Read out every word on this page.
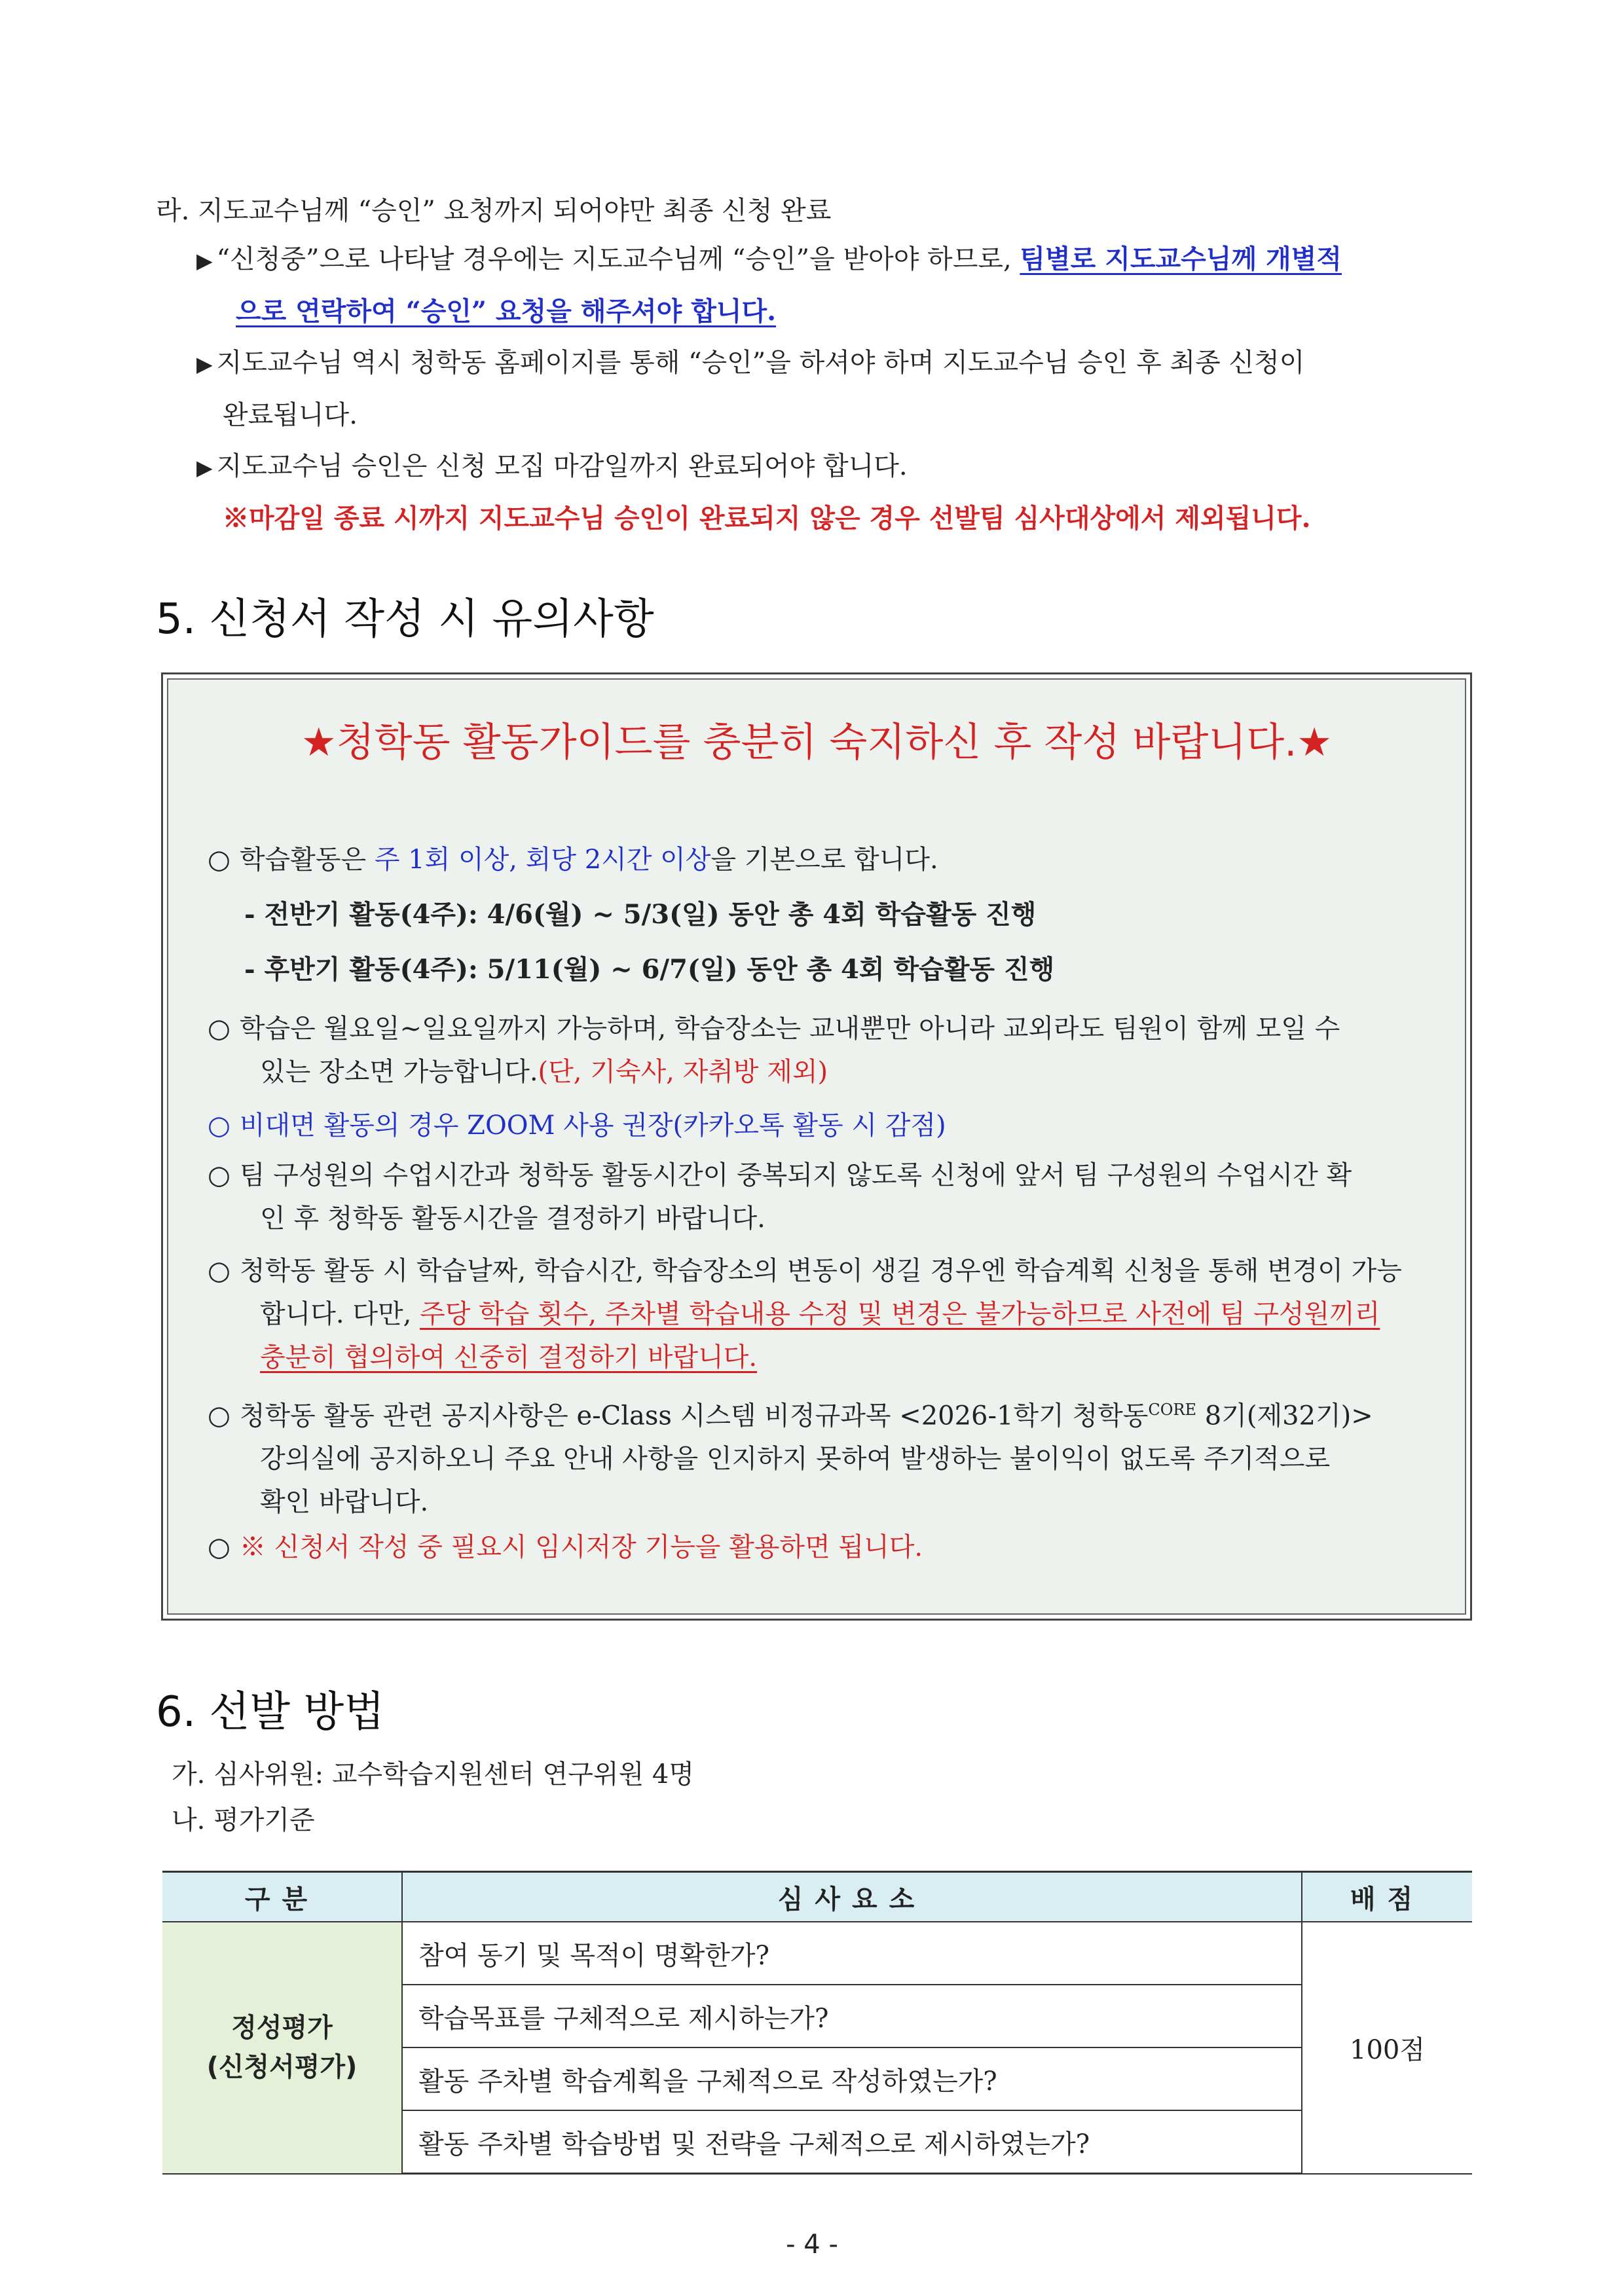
라. 지도교수님께 “승인” 요청까지 되어야만 최종 신청 완료
▶ “신청중”으로 나타날 경우에는 지도교수님께 “승인”을 받아야 하므로, 팀별로 지도교수님께 개별적
으로 연락하여 “승인” 요청을 해주셔야 합니다.
▶ 지도교수님 역시 청학동 홈페이지를 통해 “승인”을 하셔야 하며 지도교수님 승인 후 최종 신청이
완료됩니다.
▶ 지도교수님 승인은 신청 모집 마감일까지 완료되어야 합니다.
※마감일 종료 시까지 지도교수님 승인이 완료되지 않은 경우 선발팀 심사대상에서 제외됩니다.
5. 신청서 작성 시 유의사항
★청학동 활동가이드를 충분히 숙지하신 후 작성 바랍니다.★
○ 학습활동은 주 1회 이상, 회당 2시간 이상을 기본으로 합니다.
- 전반기 활동(4주): 4/6(월) ~ 5/3(일) 동안 총 4회 학습활동 진행
- 후반기 활동(4주): 5/11(월) ~ 6/7(일) 동안 총 4회 학습활동 진행
○ 학습은 월요일~일요일까지 가능하며, 학습장소는 교내뿐만 아니라 교외라도 팀원이 함께 모일 수
있는 장소면 가능합니다.(단, 기숙사, 자취방 제외)
○ 비대면 활동의 경우 ZOOM 사용 권장(카카오톡 활동 시 감점)
○ 팀 구성원의 수업시간과 청학동 활동시간이 중복되지 않도록 신청에 앞서 팀 구성원의 수업시간 확
인 후 청학동 활동시간을 결정하기 바랍니다.
○ 청학동 활동 시 학습날짜, 학습시간, 학습장소의 변동이 생길 경우엔 학습계획 신청을 통해 변경이 가능
합니다. 다만, 주당 학습 횟수, 주차별 학습내용 수정 및 변경은 불가능하므로 사전에 팀 구성원끼리
충분히 협의하여 신중히 결정하기 바랍니다.
○ 청학동 활동 관련 공지사항은 e-Class 시스템 비정규과목 <2026-1학기 청학동$^{CORE}$ 8기(제32기)>
강의실에 공지하오니 주요 안내 사항을 인지하지 못하여 발생하는 불이익이 없도록 주기적으로
확인 바랍니다.
○ ※ 신청서 작성 중 필요시 임시저장 기능을 활용하면 됩니다.
6. 선발 방법
가. 심사위원: 교수학습지원센터 연구위원 4명
나. 평가기준
구분	심사요소	배점

정성평가
(신청서평가)	참여 동기 및 목적이 명확한가?	100점
	학습목표를 구체적으로 제시하는가?	
	활동 주차별 학습계획을 구체적으로 작성하였는가?	
	활동 주차별 학습방법 및 전략을 구체적으로 제시하였는가?	
- 4 -
